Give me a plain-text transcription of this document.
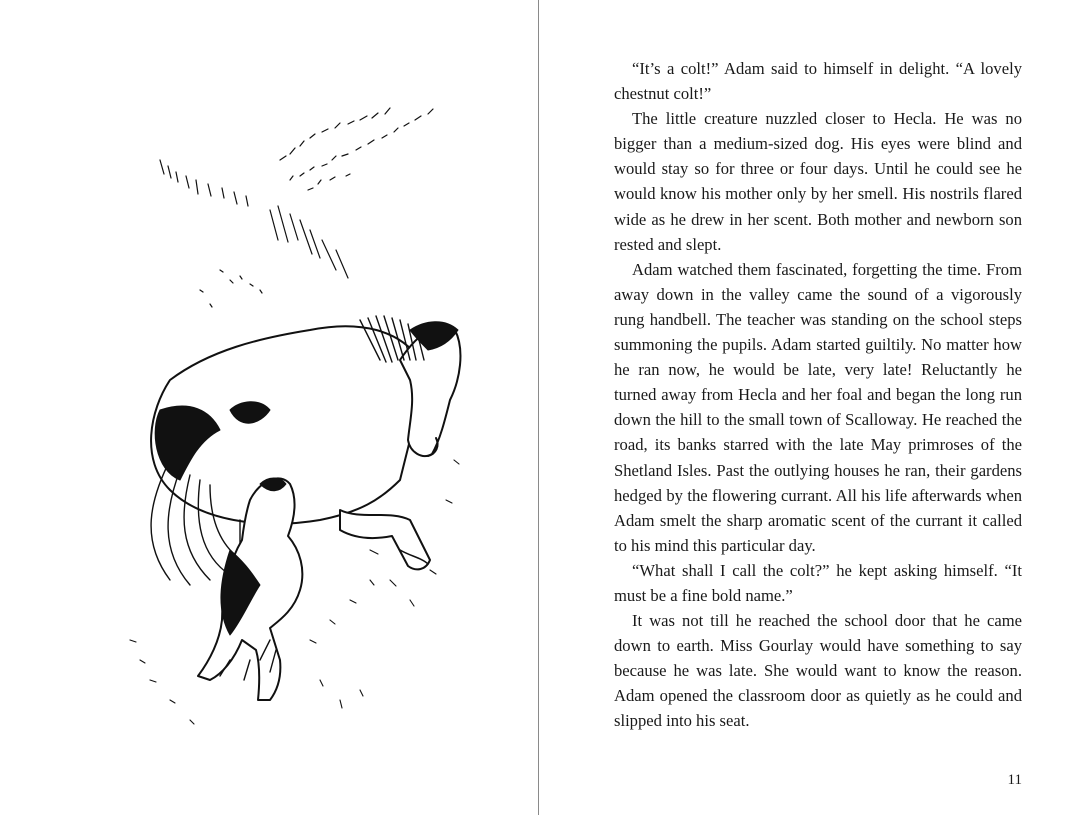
“It’s a colt!” Adam said to himself in delight. “A lovely chestnut colt!”

The little creature nuzzled closer to Hecla. He was no bigger than a medium-sized dog. His eyes were blind and would stay so for three or four days. Until he could see he would know his mother only by her smell. His nostrils flared wide as he drew in her scent. Both mother and newborn son rested and slept.

Adam watched them fascinated, forgetting the time. From away down in the valley came the sound of a vigorously rung handbell. The teacher was standing on the school steps summoning the pupils. Adam started guiltily. No matter how he ran now, he would be late, very late! Reluctantly he turned away from Hecla and her foal and began the long run down the hill to the small town of Scalloway. He reached the road, its banks starred with the late May primroses of the Shetland Isles. Past the outlying houses he ran, their gardens hedged by the flowering currant. All his life afterwards when Adam smelt the sharp aromatic scent of the currant it called to his mind this particular day.

“What shall I call the colt?” he kept asking himself. “It must be a fine bold name.”

It was not till he reached the school door that he came down to earth. Miss Gourlay would have something to say because he was late. She would want to know the reason. Adam opened the classroom door as quietly as he could and slipped into his seat.

11
